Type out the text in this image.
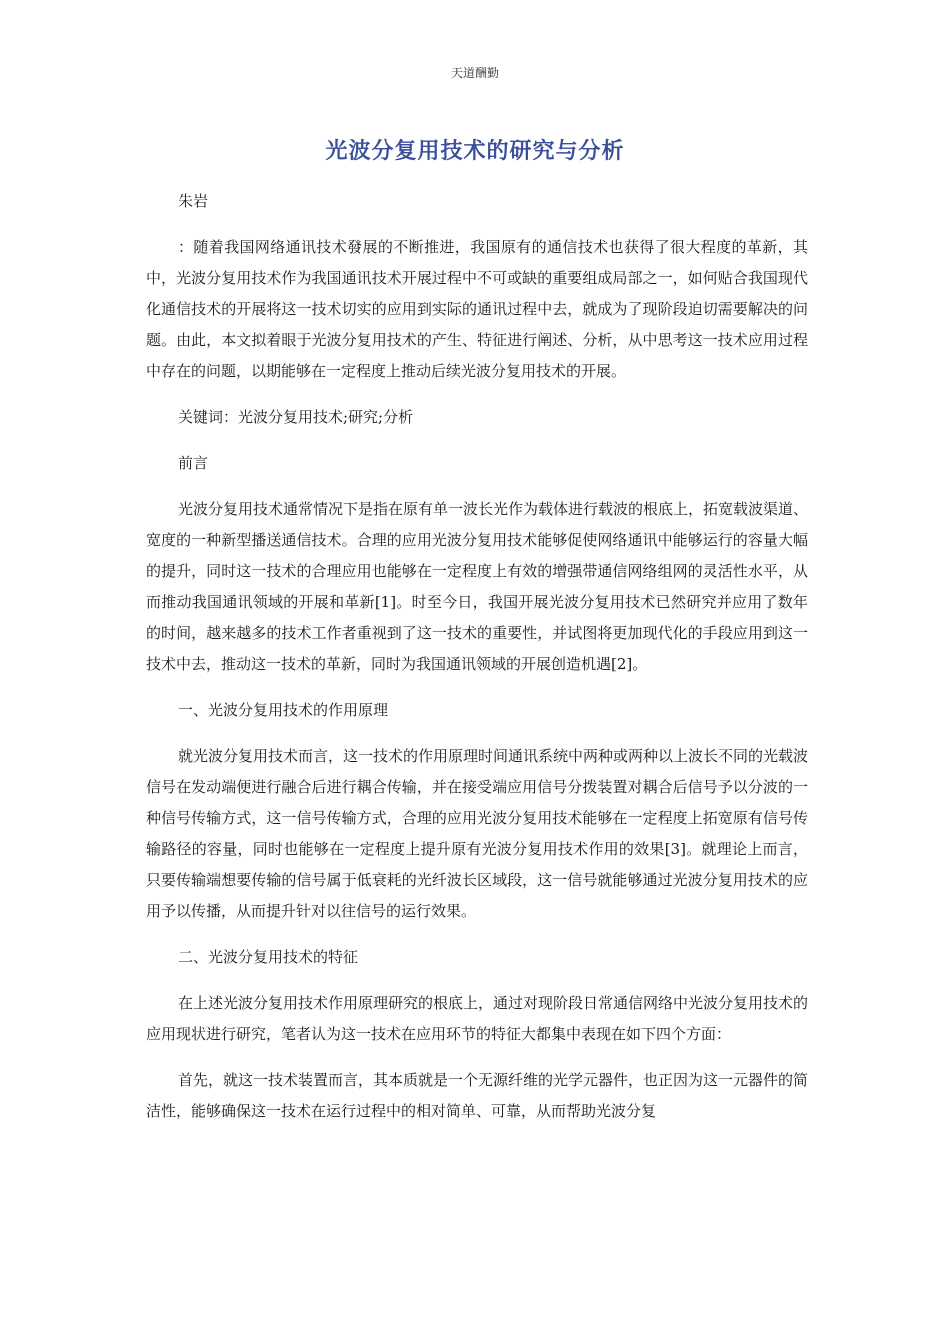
天道酬勤
光波分复用技术的研究与分析

朱岩

：随着我国网络通讯技术發展的不断推进，我国原有的通信技术也获得了很大程度的革新，其中，光波分复用技术作为我国通讯技术开展过程中不可或缺的重要组成局部之一，如何贴合我国现代化通信技术的开展将这一技术切实的应用到实际的通讯过程中去，就成为了现阶段迫切需要解决的问题。由此，本文拟着眼于光波分复用技术的产生、特征进行阐述、分析，从中思考这一技术应用过程中存在的问题，以期能够在一定程度上推动后续光波分复用技术的开展。

关键词：光波分复用技术;研究;分析

前言

光波分复用技术通常情况下是指在原有单一波长光作为载体进行载波的根底上，拓宽载波渠道、宽度的一种新型播送通信技术。合理的应用光波分复用技术能够促使网络通讯中能够运行的容量大幅的提升，同时这一技术的合理应用也能够在一定程度上有效的增强带通信网络组网的灵活性水平，从而推动我国通讯领域的开展和革新[1]。时至今日，我国开展光波分复用技术已然研究并应用了数年的时间，越来越多的技术工作者重视到了这一技术的重要性，并试图将更加现代化的手段应用到这一技术中去，推动这一技术的革新，同时为我国通讯领域的开展创造机遇[2]。

一、光波分复用技术的作用原理

就光波分复用技术而言，这一技术的作用原理时间通讯系统中两种或两种以上波长不同的光载波信号在发动端便进行融合后进行耦合传输，并在接受端应用信号分拨装置对耦合后信号予以分波的一种信号传输方式，这一信号传输方式，合理的应用光波分复用技术能够在一定程度上拓宽原有信号传输路径的容量，同时也能够在一定程度上提升原有光波分复用技术作用的效果[3]。就理论上而言，只要传输端想要传输的信号属于低衰耗的光纤波长区域段，这一信号就能够通过光波分复用技术的应用予以传播，从而提升针对以往信号的运行效果。

二、光波分复用技术的特征

在上述光波分复用技术作用原理研究的根底上，通过对现阶段日常通信网络中光波分复用技术的应用现状进行研究，笔者认为这一技术在应用环节的特征大都集中表现在如下四个方面：

首先，就这一技术装置而言，其本质就是一个无源纤维的光学元器件，也正因为这一元器件的简洁性，能够确保这一技术在运行过程中的相对简单、可靠，从而帮助光波分复
